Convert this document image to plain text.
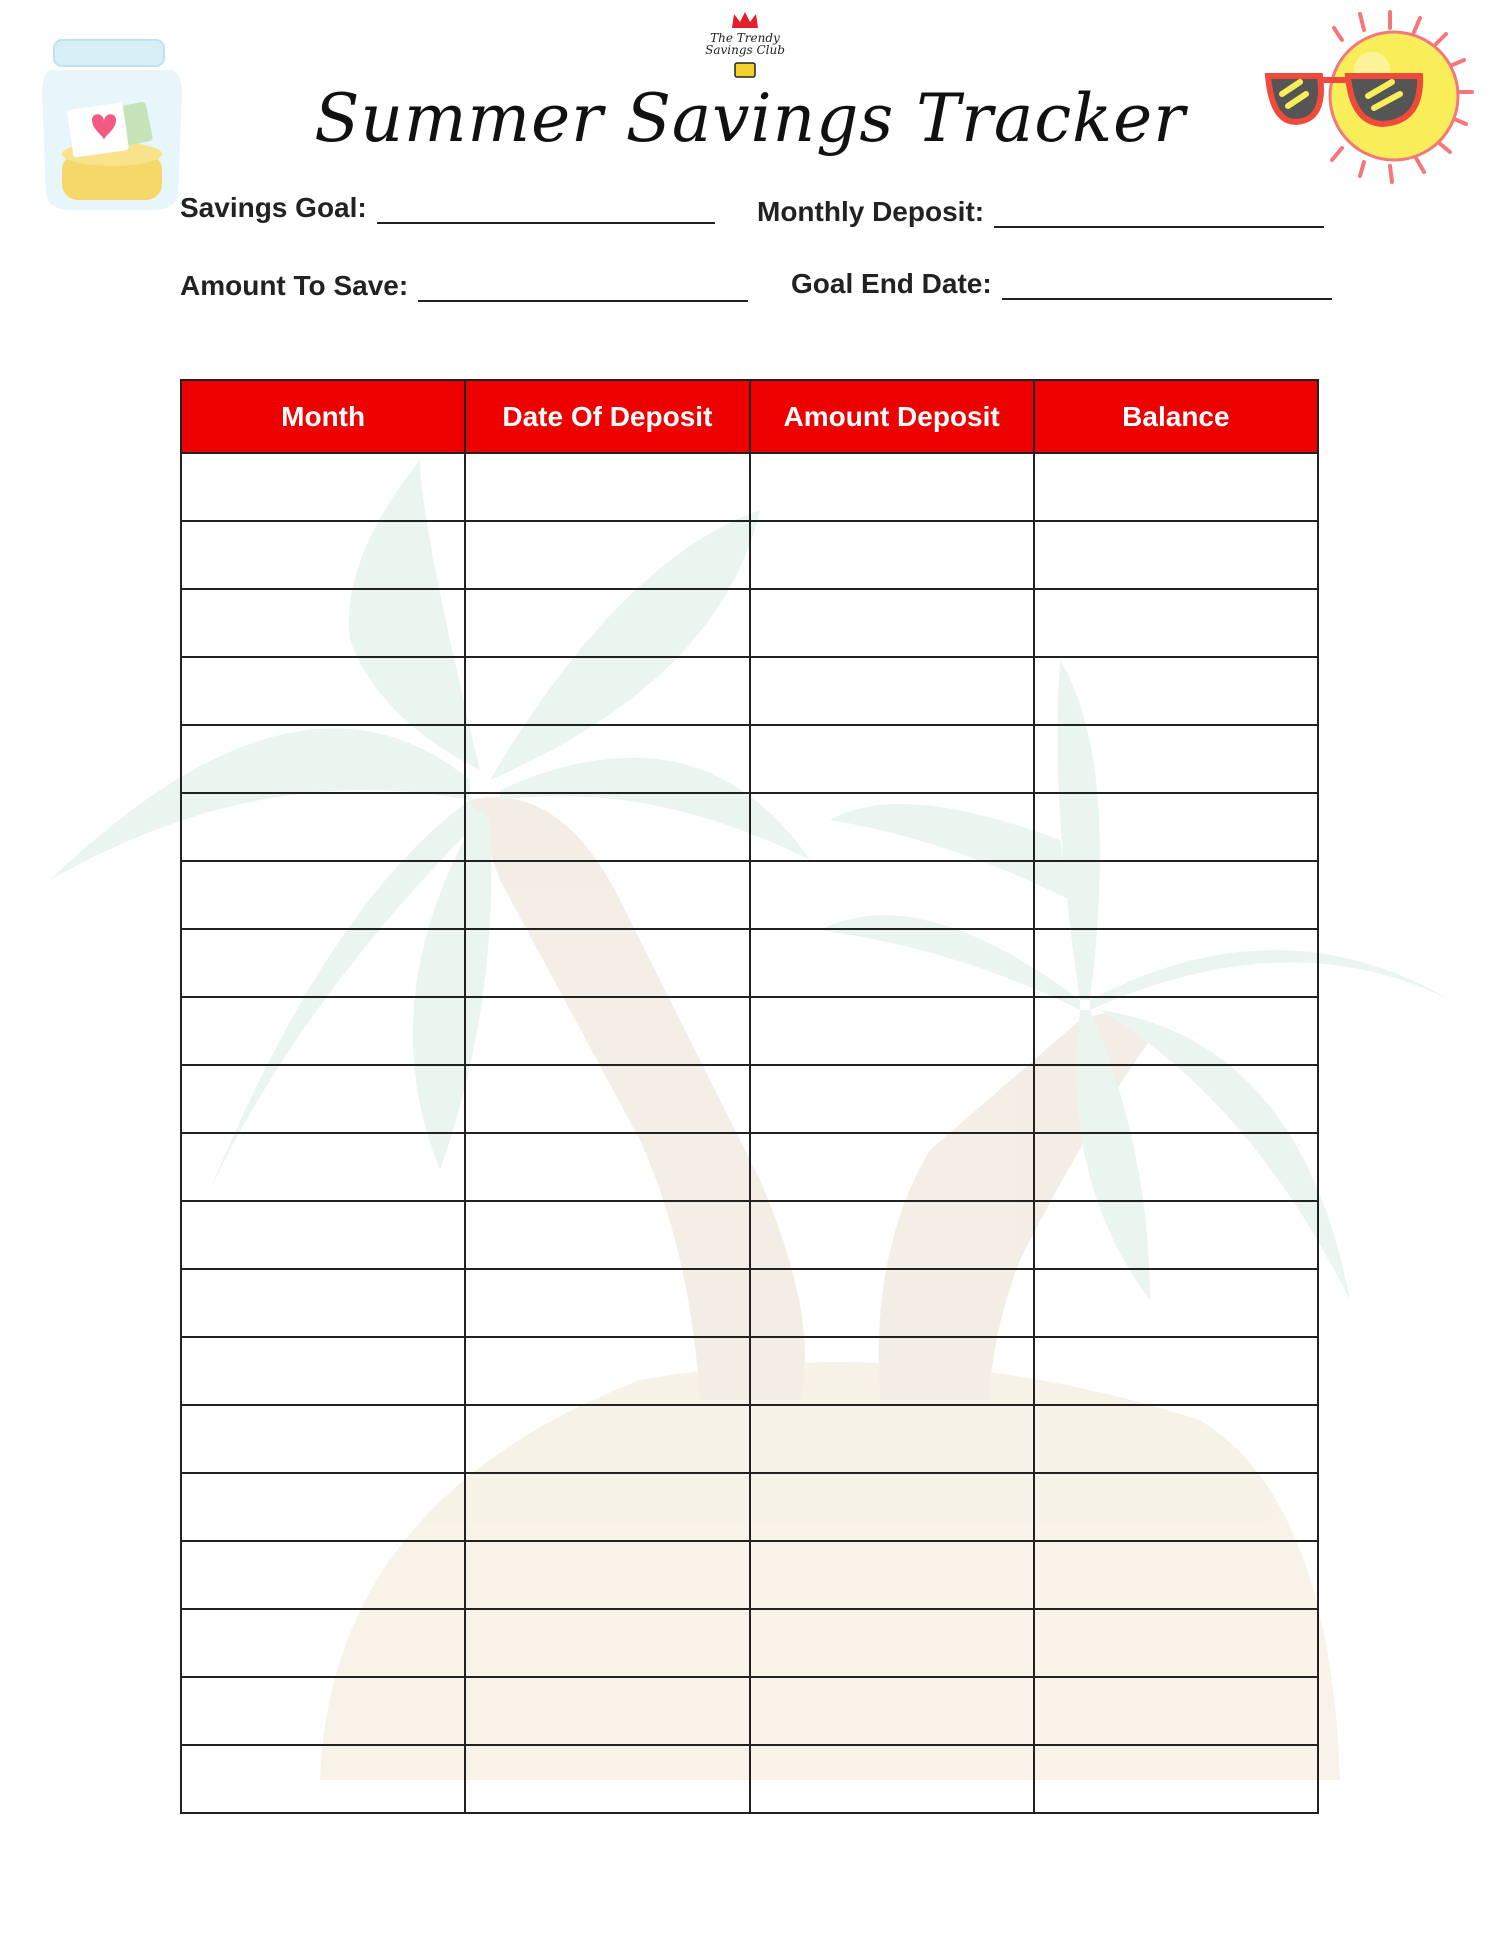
The Trendy Savings Club
Summer Savings Tracker
Savings Goal:	Monthly Deposit:
Amount To Save:	Goal End Date:
Month	Date Of Deposit	Amount Deposit	Balance
